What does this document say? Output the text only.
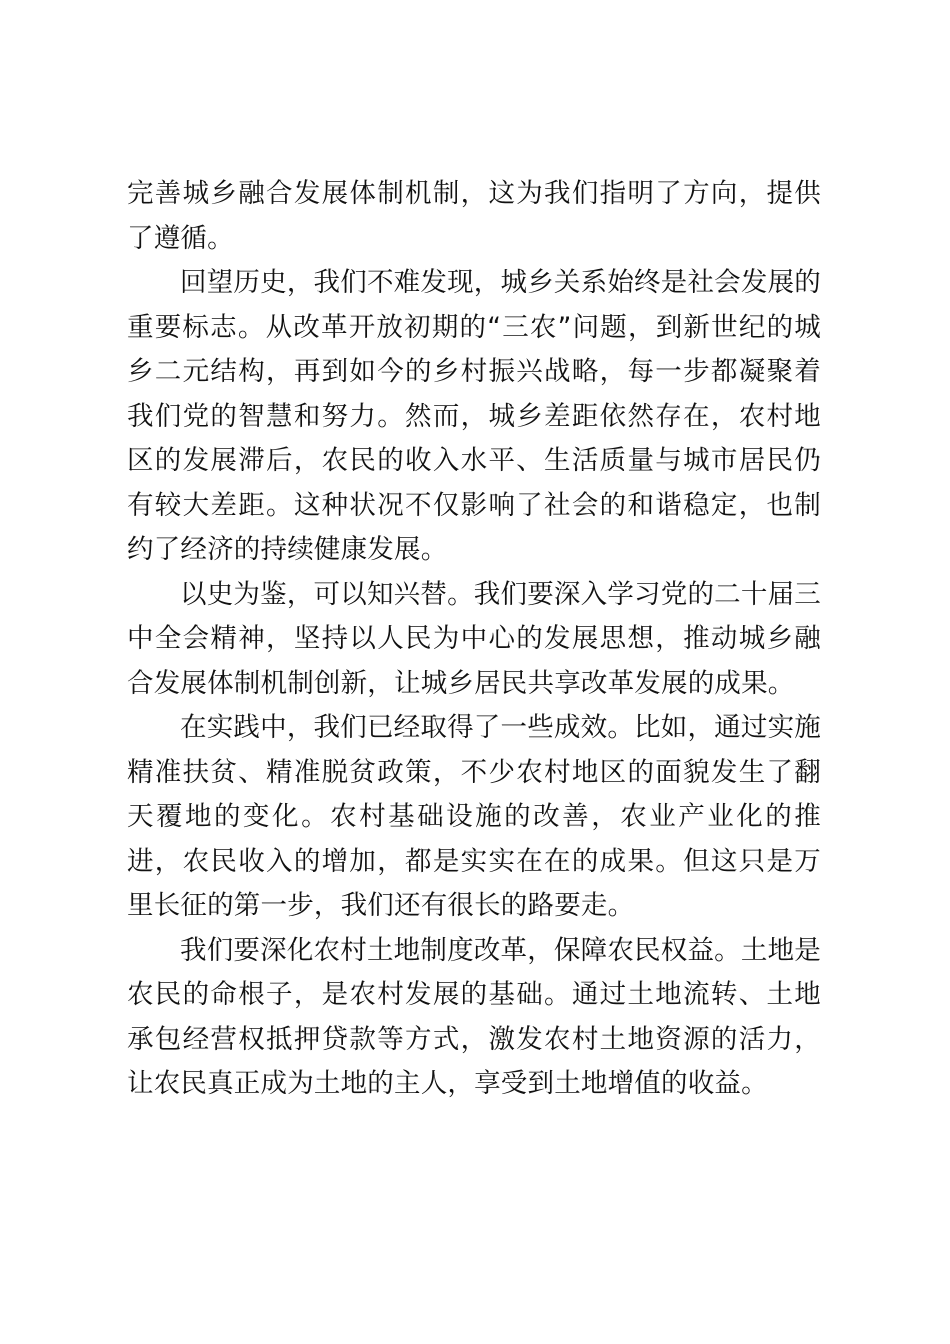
完善城乡融合发展体制机制，这为我们指明了方向，提供了遵循。

回望历史，我们不难发现，城乡关系始终是社会发展的重要标志。从改革开放初期的“三农”问题，到新世纪的城乡二元结构，再到如今的乡村振兴战略，每一步都凝聚着我们党的智慧和努力。然而，城乡差距依然存在，农村地区的发展滞后，农民的收入水平、生活质量与城市居民仍有较大差距。这种状况不仅影响了社会的和谐稳定，也制约了经济的持续健康发展。

以史为鉴，可以知兴替。我们要深入学习党的二十届三中全会精神，坚持以人民为中心的发展思想，推动城乡融合发展体制机制创新，让城乡居民共享改革发展的成果。

在实践中，我们已经取得了一些成效。比如，通过实施精准扶贫、精准脱贫政策，不少农村地区的面貌发生了翻天覆地的变化。农村基础设施的改善，农业产业化的推进，农民收入的增加，都是实实在在的成果。但这只是万里长征的第一步，我们还有很长的路要走。

我们要深化农村土地制度改革，保障农民权益。土地是农民的命根子，是农村发展的基础。通过土地流转、土地承包经营权抵押贷款等方式，激发农村土地资源的活力，让农民真正成为土地的主人，享受到土地增值的收益。
